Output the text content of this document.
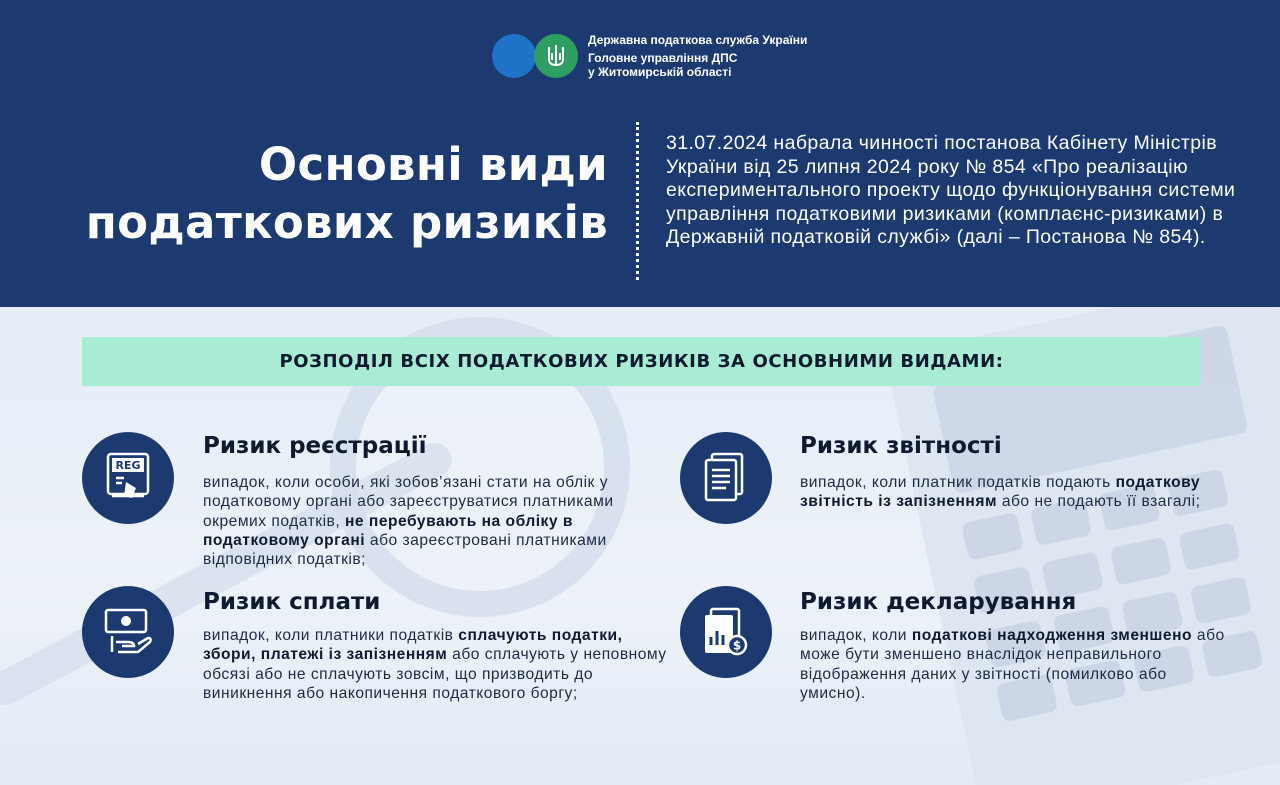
Державна податкова служба України
Головне управління ДПС
у Житомирській області
Основні види
податкових ризиків
31.07.2024 набрала чинності постанова Кабінету Міністрів України від 25 липня 2024 року № 854 «Про реалізацію експериментального проекту щодо функціонування системи управління податковими ризиками (комплаєнс-ризиками) в Державній податковій службі» (далі – Постанова № 854).
РОЗПОДІЛ ВСІХ ПОДАТКОВИХ РИЗИКІВ ЗА ОСНОВНИМИ ВИДАМИ:
REG
Ризик реєстрації
випадок, коли особи, які зобов’язані стати на облік у податковому органі або зареєструватися платниками окремих податків, не перебувають на обліку в податковому органі або зареєстровані платниками відповідних податків;
Ризик звітності
випадок, коли платник податків подають податкову звітність із запізненням або не подають її взагалі;
Ризик сплати
випадок, коли платники податків сплачують податки, збори, платежі із запізненням або сплачують у неповному обсязі або не сплачують зовсім, що призводить до виникнення або накопичення податкового боргу;
$
Ризик декларування
випадок, коли податкові надходження зменшено або може бути зменшено внаслідок неправильного відображення даних у звітності (помилково або умисно).
